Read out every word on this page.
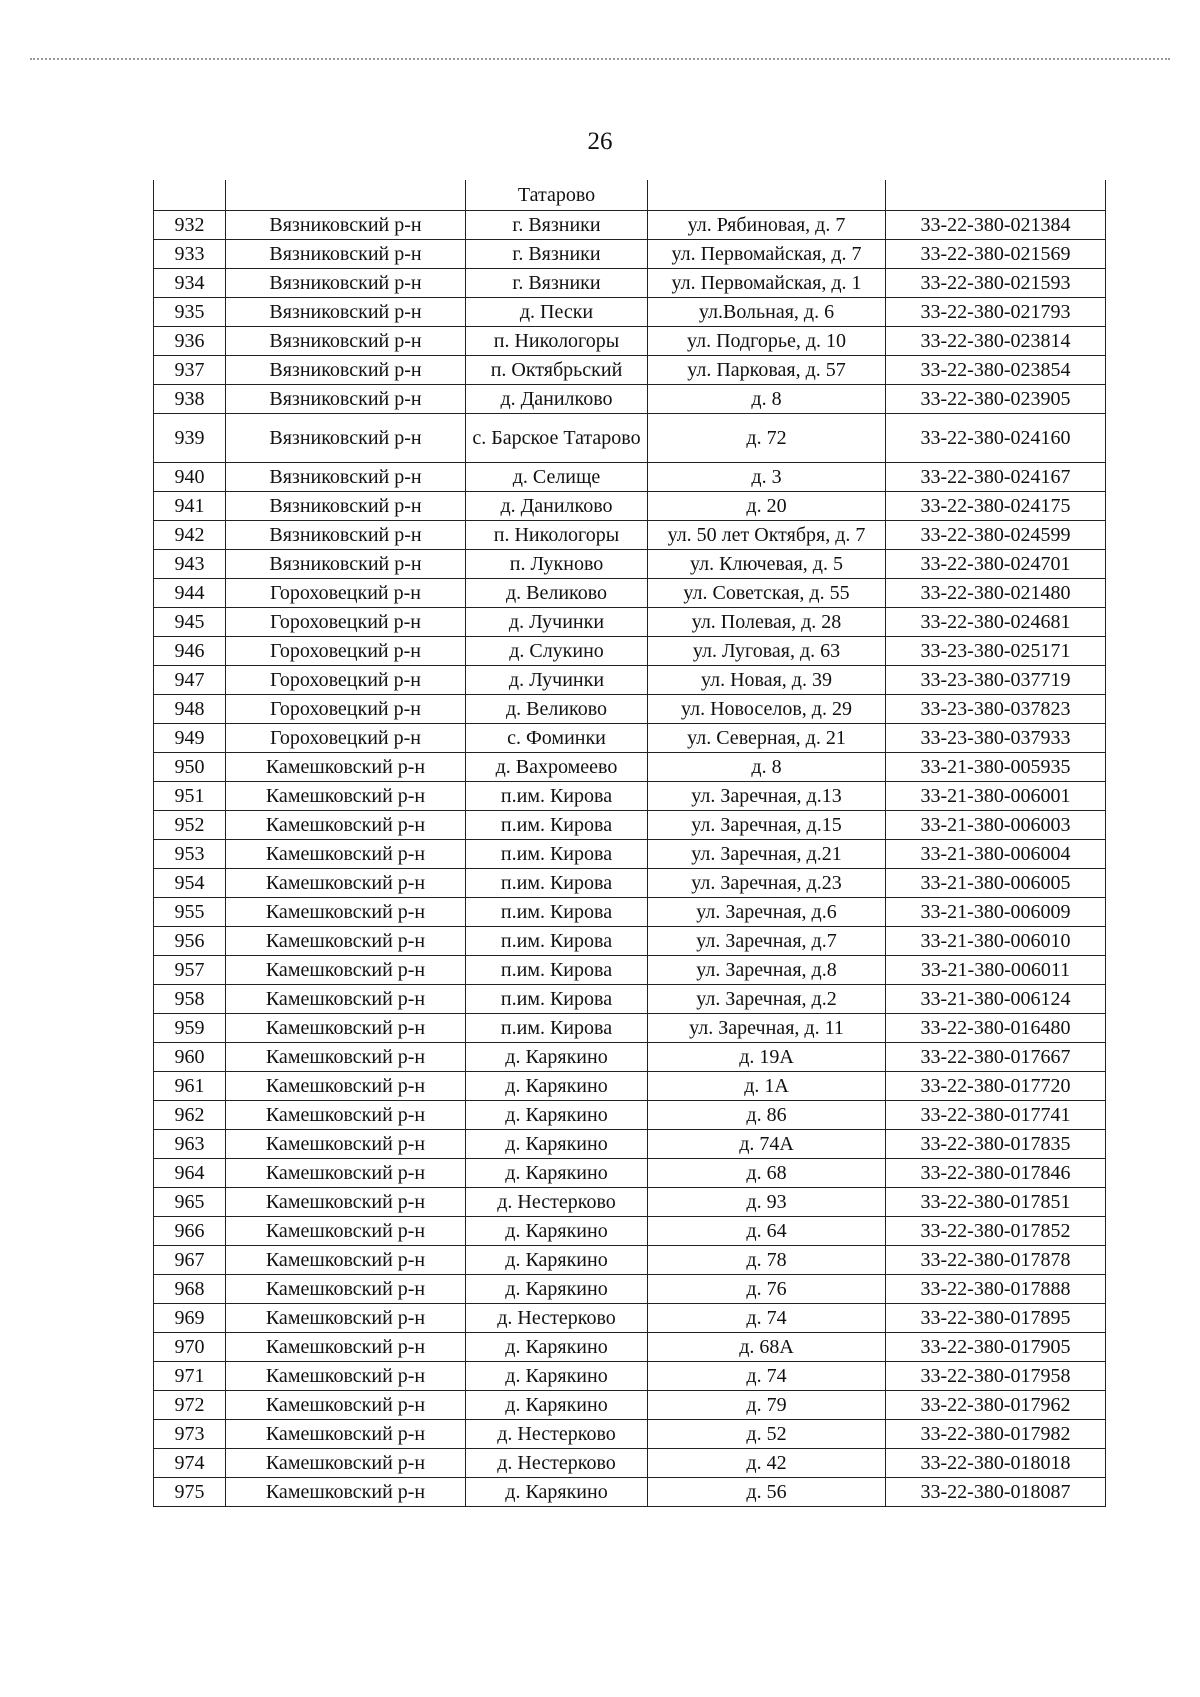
26
		Татарово		
932	Вязниковский р-н	г. Вязники	ул. Рябиновая, д. 7	33-22-380-021384
933	Вязниковский р-н	г. Вязники	ул. Первомайская, д. 7	33-22-380-021569
934	Вязниковский р-н	г. Вязники	ул. Первомайская, д. 1	33-22-380-021593
935	Вязниковский р-н	д. Пески	ул.Вольная, д. 6	33-22-380-021793
936	Вязниковский р-н	п. Никологоры	ул. Подгорье, д. 10	33-22-380-023814
937	Вязниковский р-н	п. Октябрьский	ул. Парковая, д. 57	33-22-380-023854
938	Вязниковский р-н	д. Данилково	д. 8	33-22-380-023905
939	Вязниковский р-н	с. Барское Татарово	д. 72	33-22-380-024160
940	Вязниковский р-н	д. Селище	д. 3	33-22-380-024167
941	Вязниковский р-н	д. Данилково	д. 20	33-22-380-024175
942	Вязниковский р-н	п. Никологоры	ул. 50 лет Октября, д. 7	33-22-380-024599
943	Вязниковский р-н	п. Лукново	ул. Ключевая, д. 5	33-22-380-024701
944	Гороховецкий р-н	д. Великово	ул. Советская, д. 55	33-22-380-021480
945	Гороховецкий р-н	д. Лучинки	ул. Полевая, д. 28	33-22-380-024681
946	Гороховецкий р-н	д. Слукино	ул. Луговая, д. 63	33-23-380-025171
947	Гороховецкий р-н	д. Лучинки	ул. Новая, д. 39	33-23-380-037719
948	Гороховецкий р-н	д. Великово	ул. Новоселов, д. 29	33-23-380-037823
949	Гороховецкий р-н	с. Фоминки	ул. Северная, д. 21	33-23-380-037933
950	Камешковский р-н	д. Вахромеево	д. 8	33-21-380-005935
951	Камешковский р-н	п.им. Кирова	ул. Заречная, д.13	33-21-380-006001
952	Камешковский р-н	п.им. Кирова	ул. Заречная, д.15	33-21-380-006003
953	Камешковский р-н	п.им. Кирова	ул. Заречная, д.21	33-21-380-006004
954	Камешковский р-н	п.им. Кирова	ул. Заречная, д.23	33-21-380-006005
955	Камешковский р-н	п.им. Кирова	ул. Заречная, д.6	33-21-380-006009
956	Камешковский р-н	п.им. Кирова	ул. Заречная, д.7	33-21-380-006010
957	Камешковский р-н	п.им. Кирова	ул. Заречная, д.8	33-21-380-006011
958	Камешковский р-н	п.им. Кирова	ул. Заречная, д.2	33-21-380-006124
959	Камешковский р-н	п.им. Кирова	ул. Заречная, д. 11	33-22-380-016480
960	Камешковский р-н	д. Карякино	д. 19А	33-22-380-017667
961	Камешковский р-н	д. Карякино	д. 1А	33-22-380-017720
962	Камешковский р-н	д. Карякино	д. 86	33-22-380-017741
963	Камешковский р-н	д. Карякино	д. 74А	33-22-380-017835
964	Камешковский р-н	д. Карякино	д. 68	33-22-380-017846
965	Камешковский р-н	д. Нестерково	д. 93	33-22-380-017851
966	Камешковский р-н	д. Карякино	д. 64	33-22-380-017852
967	Камешковский р-н	д. Карякино	д. 78	33-22-380-017878
968	Камешковский р-н	д. Карякино	д. 76	33-22-380-017888
969	Камешковский р-н	д. Нестерково	д. 74	33-22-380-017895
970	Камешковский р-н	д. Карякино	д. 68А	33-22-380-017905
971	Камешковский р-н	д. Карякино	д. 74	33-22-380-017958
972	Камешковский р-н	д. Карякино	д. 79	33-22-380-017962
973	Камешковский р-н	д. Нестерково	д. 52	33-22-380-017982
974	Камешковский р-н	д. Нестерково	д. 42	33-22-380-018018
975	Камешковский р-н	д. Карякино	д. 56	33-22-380-018087
